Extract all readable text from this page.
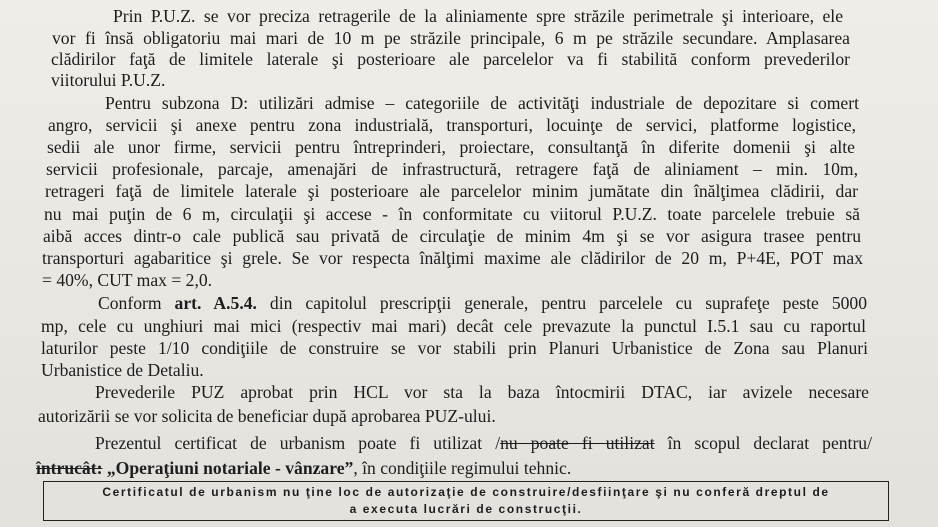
Prin P.U.Z. se vor preciza retragerile de la aliniamente spre străzile perimetrale şi interioare, ele
vor fi însă obligatoriu mai mari de 10 m pe străzile principale, 6 m pe străzile secundare. Amplasarea
clădirilor faţă de limitele laterale şi posterioare ale parcelelor va fi stabilită conform prevederilor
viitorului P.U.Z.
Pentru subzona D: utilizări admise – categoriile de activităţi industriale de depozitare si comert
angro, servicii şi anexe pentru zona industrială, transporturi, locuinţe de servici, platforme logistice,
sedii ale unor firme, servicii pentru întreprinderi, proiectare, consultanţă în diferite domenii şi alte
servicii profesionale, parcaje, amenajări de infrastructură, retragere faţă de aliniament – min. 10m,
retrageri faţă de limitele laterale şi posterioare ale parcelelor minim jumătate din înălţimea clădirii, dar
nu mai puţin de 6 m, circulaţii şi accese - în conformitate cu viitorul P.U.Z. toate parcelele trebuie să
aibă acces dintr-o cale publică sau privată de circulaţie de minim 4m şi se vor asigura trasee pentru
transporturi agabaritice şi grele. Se vor respecta înălţimi maxime ale clădirilor de 20 m, P+4E, POT max
= 40%, CUT max = 2,0.
Conform art. A.5.4. din capitolul prescripţii generale, pentru parcelele cu suprafeţe peste 5000
mp, cele cu unghiuri mai mici (respectiv mai mari) decât cele prevazute la punctul I.5.1 sau cu raportul
laturilor peste 1/10 condiţiile de construire se vor stabili prin Planuri Urbanistice de Zona sau Planuri
Urbanistice de Detaliu.
Prevederile PUZ aprobat prin HCL vor sta la baza întocmirii DTAC, iar avizele necesare
autorizării se vor solicita de beneficiar după aprobarea PUZ-ului.
Prezentul certificat de urbanism poate fi utilizat /nu poate fi utilizat în scopul declarat pentru/
întrucât: „Operaţiuni notariale - vânzare”, în condiţiile regimului tehnic.
Certificatul de urbanism nu ţine loc de autorizaţie de construire/desfiinţare şi nu conferă dreptul de
a executa lucrări de construcţii.
